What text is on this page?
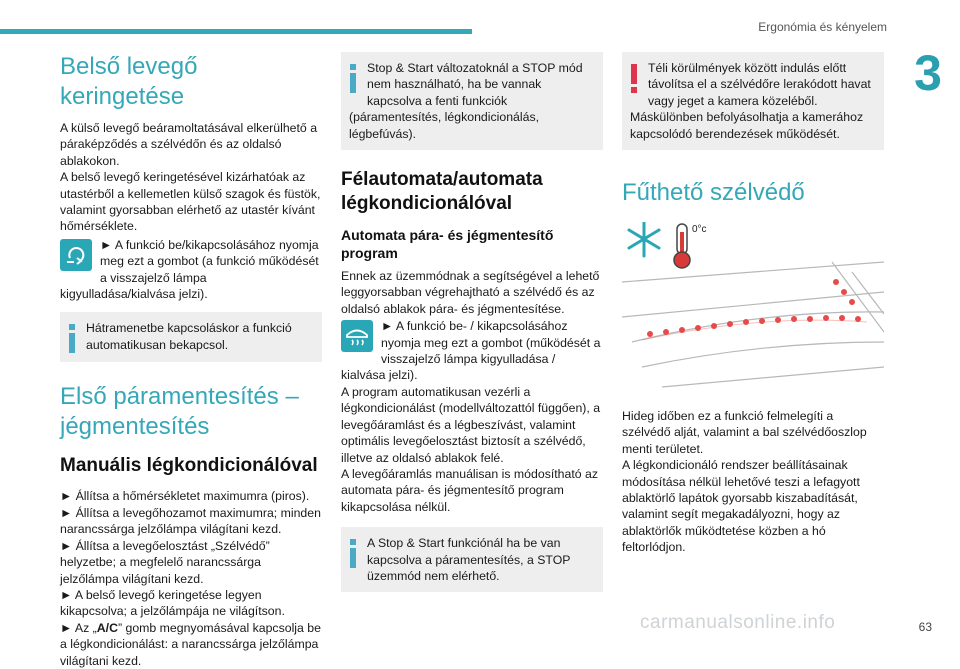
Ergonómia és kényelem
3
Belső levegő keringetése

A külső levegő beáramoltatásával elkerülhető a páraképződés a szélvédőn és az oldalsó ablakokon.

A belső levegő keringetésével kizárhatóak az utastérből a kellemetlen külső szagok és füstök, valamint gyorsabban elérhető az utastér kívánt hőmérséklete.

► A funkció be/kikapcsolásához nyomja meg ezt a gombot (a funkció működését a visszajelző lámpa kigyulladása/kialvása jelzi).

Hátramenetbe kapcsoláskor a funkció automatikusan bekapcsol.

Első páramentesítés – jégmentesítés
Manuális légkondicionálóval

► Állítsa a hőmérsékletet maximumra (piros).

► Állítsa a levegőhozamot maximumra; minden narancssárga jelzőlámpa világítani kezd.

► Állítsa a levegőelosztást „Szélvédő” helyzetbe; a megfelelő narancssárga jelzőlámpa világítani kezd.

► A belső levegő keringetése legyen kikapcsolva; a jelzőlámpája ne világítson.

► Az „A/C” gomb megnyomásával kapcsolja be a légkondicionálást: a narancssárga jelzőlámpa világítani kezd.

Stop & Start változatoknál a STOP mód nem használható, ha be vannak kapcsolva a fenti funkciók (páramentesítés, légkondicionálás, légbefúvás).

Félautomata/automata légkondicionálóval
Automata pára- és jégmentesítő program

Ennek az üzemmódnak a segítségével a lehető leggyorsabban végrehajtható a szélvédő és az oldalsó ablakok pára- és jégmentesítése.

► A funkció be- / kikapcsolásához nyomja meg ezt a gombot (működését a visszajelző lámpa kigyulladása / kialvása jelzi).

A program automatikusan vezérli a légkondicionálást (modellváltozattól függően), a levegőáramlást és a légbeszívást, valamint optimális levegőelosztást biztosít a szélvédő, illetve az oldalsó ablakok felé.

A levegőáramlás manuálisan is módosítható az automata pára- és jégmentesítő program kikapcsolása nélkül.

A Stop & Start funkciónál ha be van kapcsolva a páramentesítés, a STOP üzemmód nem elérhető.

Téli körülmények között indulás előtt távolítsa el a szélvédőre lerakódott havat vagy jeget a kamera közeléből. Máskülönben befolyásolhatja a kamerához kapcsolódó berendezések működését.

Fűthető szélvédő
0°c

Hideg időben ez a funkció felmelegíti a szélvédő alját, valamint a bal szélvédőoszlop menti területet.

A légkondicionáló rendszer beállításainak módosítása nélkül lehetővé teszi a lefagyott ablaktörlő lapátok gyorsabb kiszabadítását, valamint segít megakadályozni, hogy az ablaktörlők működtetése közben a hó feltorlódjon.

carmanualsonline.info	63
